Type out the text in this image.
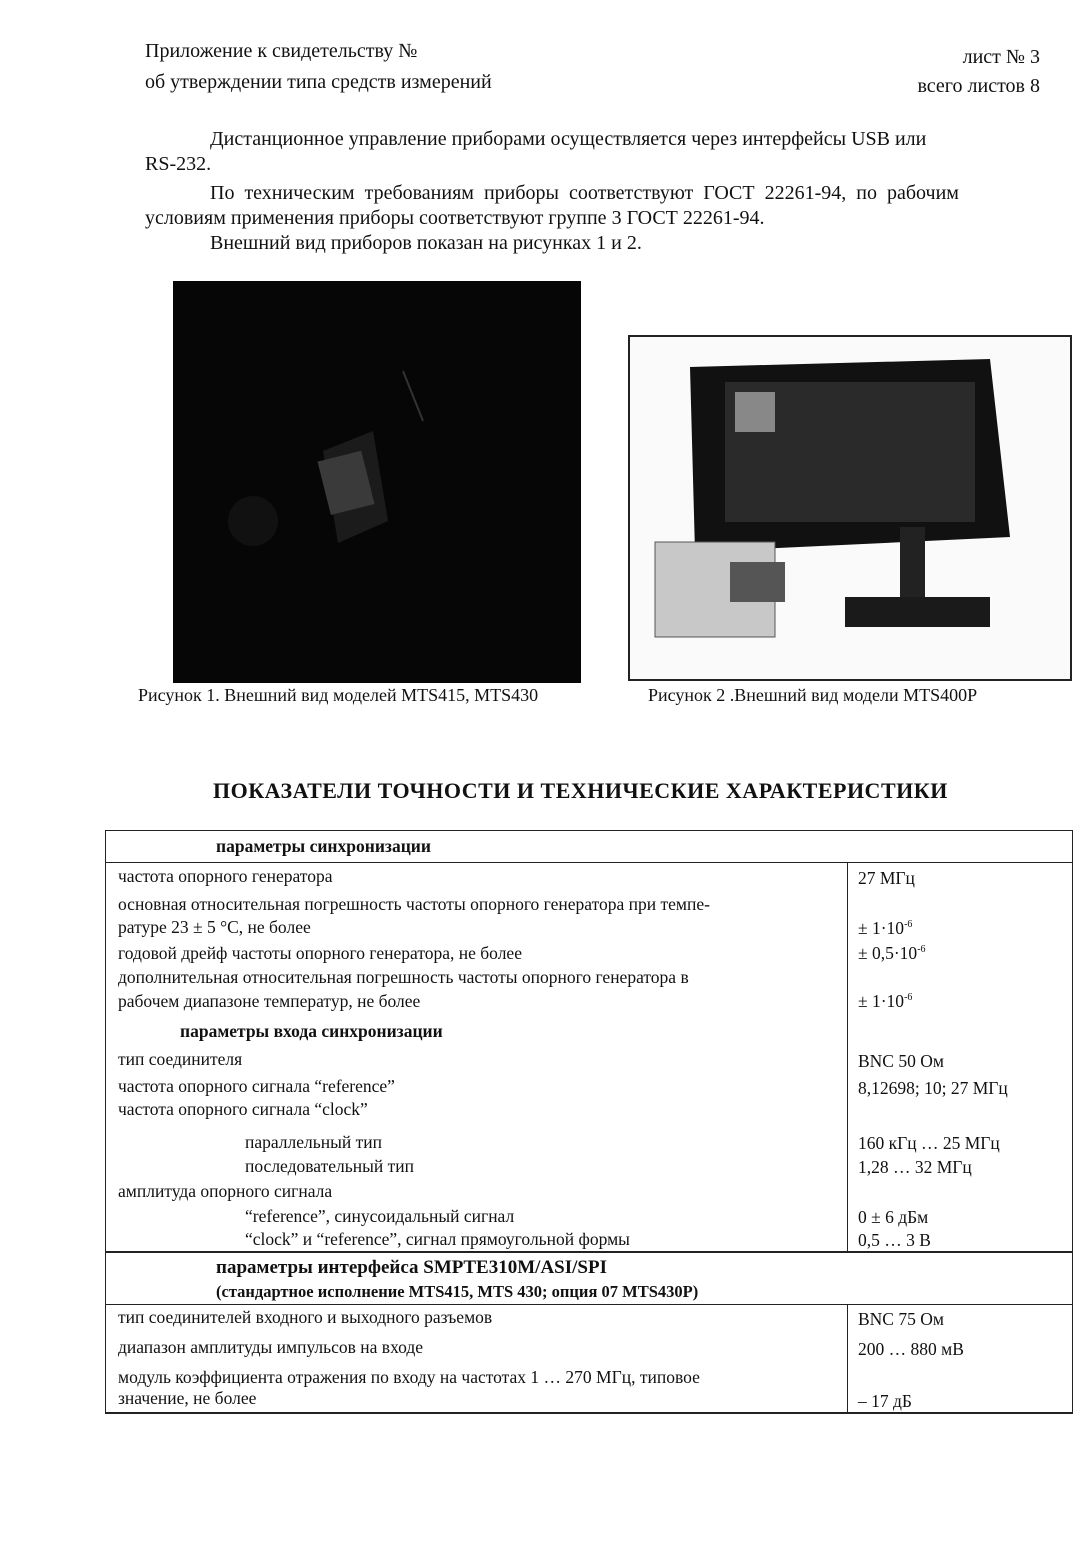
Приложение к свидетельству №
об утверждении типа средств измерений
лист № 3
всего листов 8
Дистанционное управление приборами осуществляется через интерфейсы USB или
RS-232.
По техническим требованиям приборы соответствуют ГОСТ 22261-94, по рабочим
условиям применения приборы соответствуют группе 3 ГОСТ 22261-94.
Внешний вид приборов показан на рисунках 1 и 2.
Рисунок 1. Внешний вид моделей MTS415, MTS430	Рисунок 2 .Внешний вид модели MTS400P
ПОКАЗАТЕЛИ ТОЧНОСТИ И ТЕХНИЧЕСКИЕ ХАРАКТЕРИСТИКИ
параметры синхронизации
частота опорного генератора	27 МГц
основная относительная погрешность частоты опорного генератора при темпе-
ратуре 23 ± 5 °С, не более	± $1\cdot 10^{-6}$
годовой дрейф частоты опорного генератора, не более	± $0,5\cdot 10^{-6}$
дополнительная относительная погрешность частоты опорного генератора в
рабочем диапазоне температур, не более	± $1\cdot 10^{-6}$
параметры входа синхронизации
тип соединителя	BNC 50 Ом
частота опорного сигнала “reference”	8,12698; 10; 27 МГц
частота опорного сигнала “clock”
параллельный тип	160 кГц … 25 МГц
последовательный тип	1,28 … 32 МГц
амплитуда опорного сигнала
“reference”, синусоидальный сигнал	0 ± 6 дБм
“clock” и “reference”, сигнал прямоугольной формы	0,5 … 3 В
параметры интерфейса SMPTE310M/ASI/SPI
(стандартное исполнение MTS415, MTS 430; опция 07 MTS430P)
тип соединителей входного и выходного разъемов	BNC 75 Ом
диапазон амплитуды импульсов на входе	200 … 880 мВ
модуль коэффициента отражения по входу на частотах 1 … 270 МГц, типовое
значение, не более	– 17 дБ
